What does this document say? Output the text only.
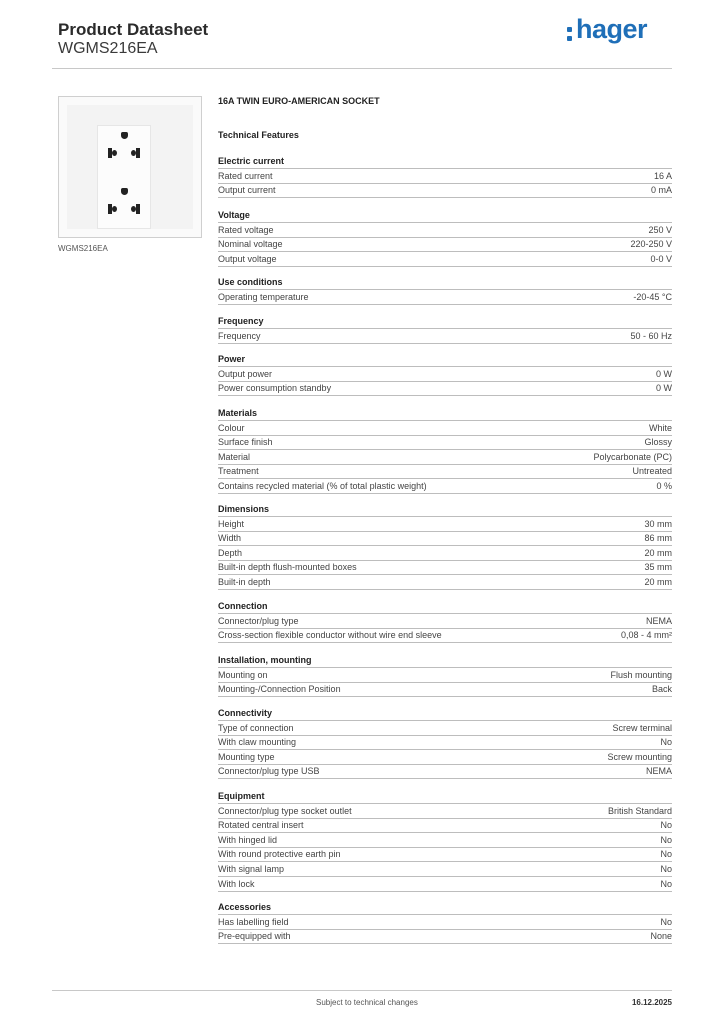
Product Datasheet
WGMS216EA
hager
WGMS216EA
16A TWIN EURO-AMERICAN SOCKET
Technical Features
Electric current
Rated current	16 A
Output current	0 mA
Voltage
Rated voltage	250 V
Nominal voltage	220-250 V
Output voltage	0-0 V
Use conditions
Operating temperature	-20-45 °C
Frequency
Frequency	50 - 60 Hz
Power
Output power	0 W
Power consumption standby	0 W
Materials
Colour	White
Surface finish	Glossy
Material	Polycarbonate (PC)
Treatment	Untreated
Contains recycled material (% of total plastic weight)	0 %
Dimensions
Height	30 mm
Width	86 mm
Depth	20 mm
Built-in depth flush-mounted boxes	35 mm
Built-in depth	20 mm
Connection
Connector/plug type	NEMA
Cross-section flexible conductor without wire end sleeve	0,08 - 4 mm²
Installation, mounting
Mounting on	Flush mounting
Mounting-/Connection Position	Back
Connectivity
Type of connection	Screw terminal
With claw mounting	No
Mounting type	Screw mounting
Connector/plug type USB	NEMA
Equipment
Connector/plug type socket outlet	British Standard
Rotated central insert	No
With hinged lid	No
With round protective earth pin	No
With signal lamp	No
With lock	No
Accessories
Has labelling field	No
Pre-equipped with	None
Subject to technical changes	16.12.2025
